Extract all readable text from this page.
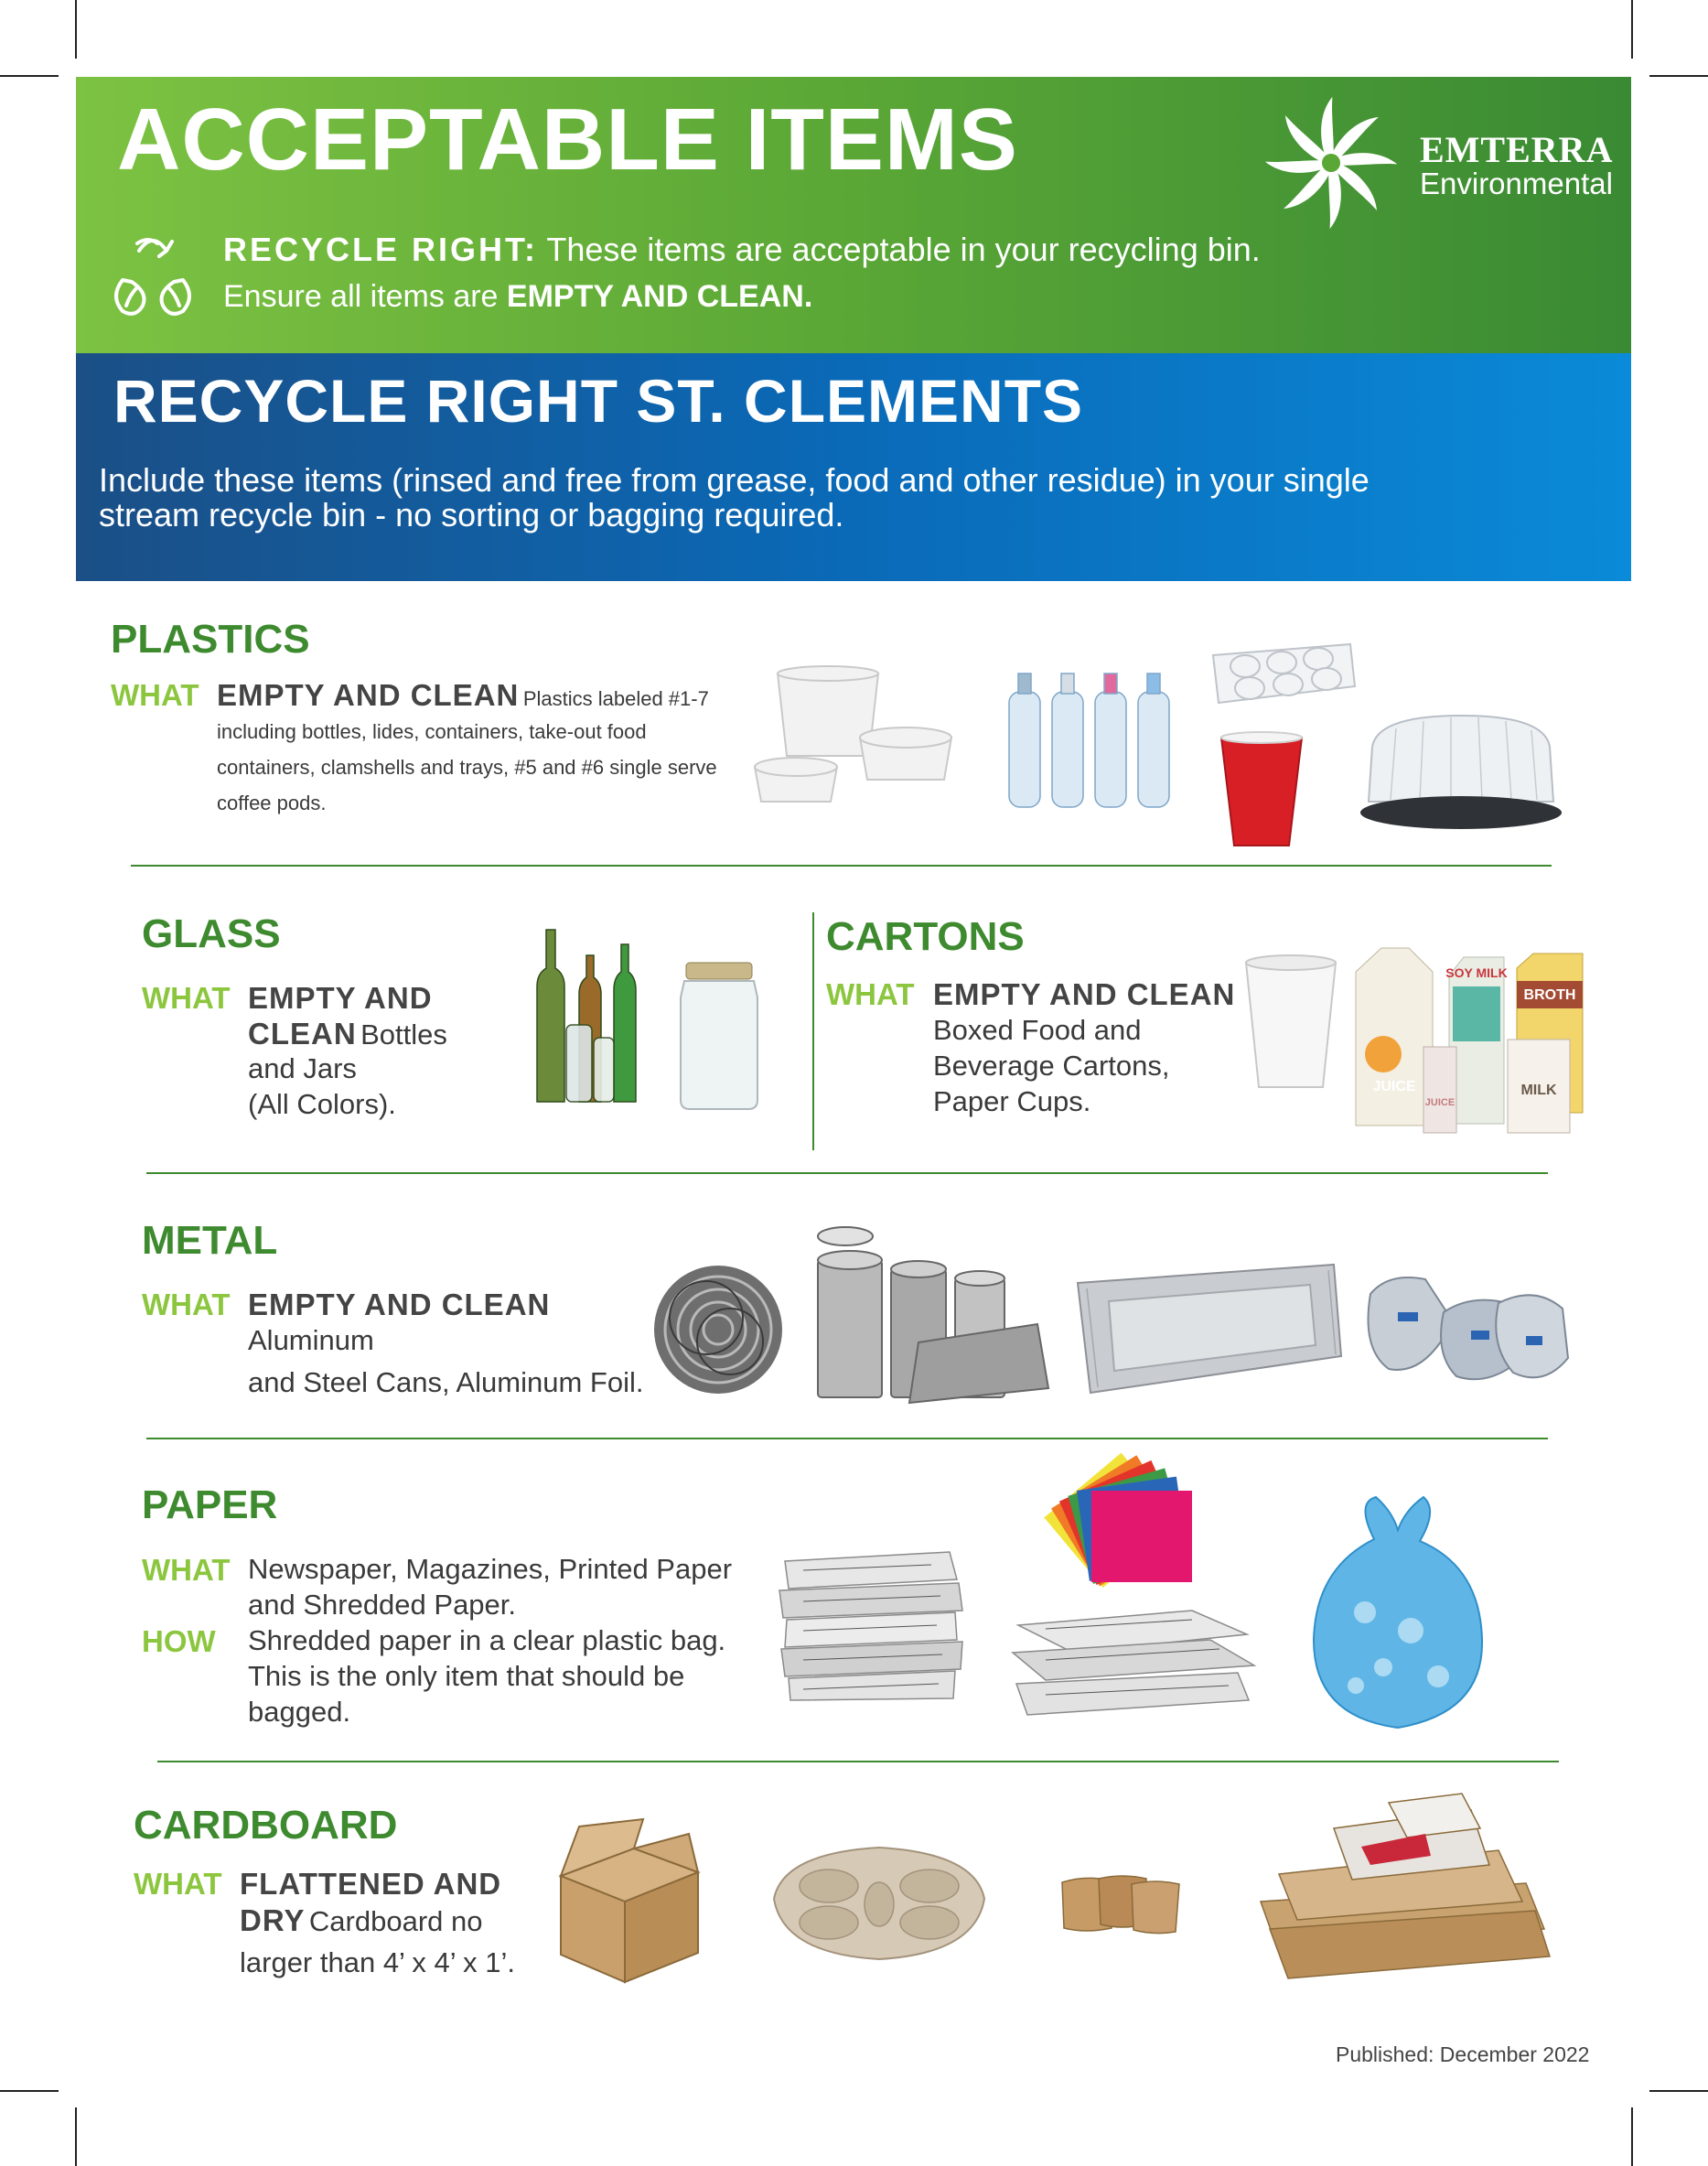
ACCEPTABLE ITEMS
RECYCLE RIGHT: These items are acceptable in your recycling bin.
Ensure all items are EMPTY AND CLEAN.
EMTERRA
Environmental
RECYCLE RIGHT ST. CLEMENTS
Include these items (rinsed and free from grease, food and other residue) in your single stream recycle bin - no sorting or bagging required.
PLASTICS
WHAT EMPTY AND CLEAN Plastics labeled #1-7
including bottles, lides, containers, take-out food
containers, clamshells and trays, #5 and #6 single serve
coffee pods.
GLASS
WHAT EMPTY AND
CLEAN Bottles
and Jars
(All Colors).
CARTONS
WHAT EMPTY AND CLEAN
Boxed Food and
Beverage Cartons,
Paper Cups.	JUICE
SOY MILK
BROTH
MILK
JUICE
METAL
WHAT EMPTY AND CLEAN
Aluminum
and Steel Cans, Aluminum Foil.
PAPER
WHAT Newspaper, Magazines, Printed Paper
and Shredded Paper.
HOW Shredded paper in a clear plastic bag.
This is the only item that should be
bagged.
CARDBOARD
WHAT FLATTENED AND
DRY Cardboard no
larger than 4’ x 4’ x 1’.
Published: December 2022
